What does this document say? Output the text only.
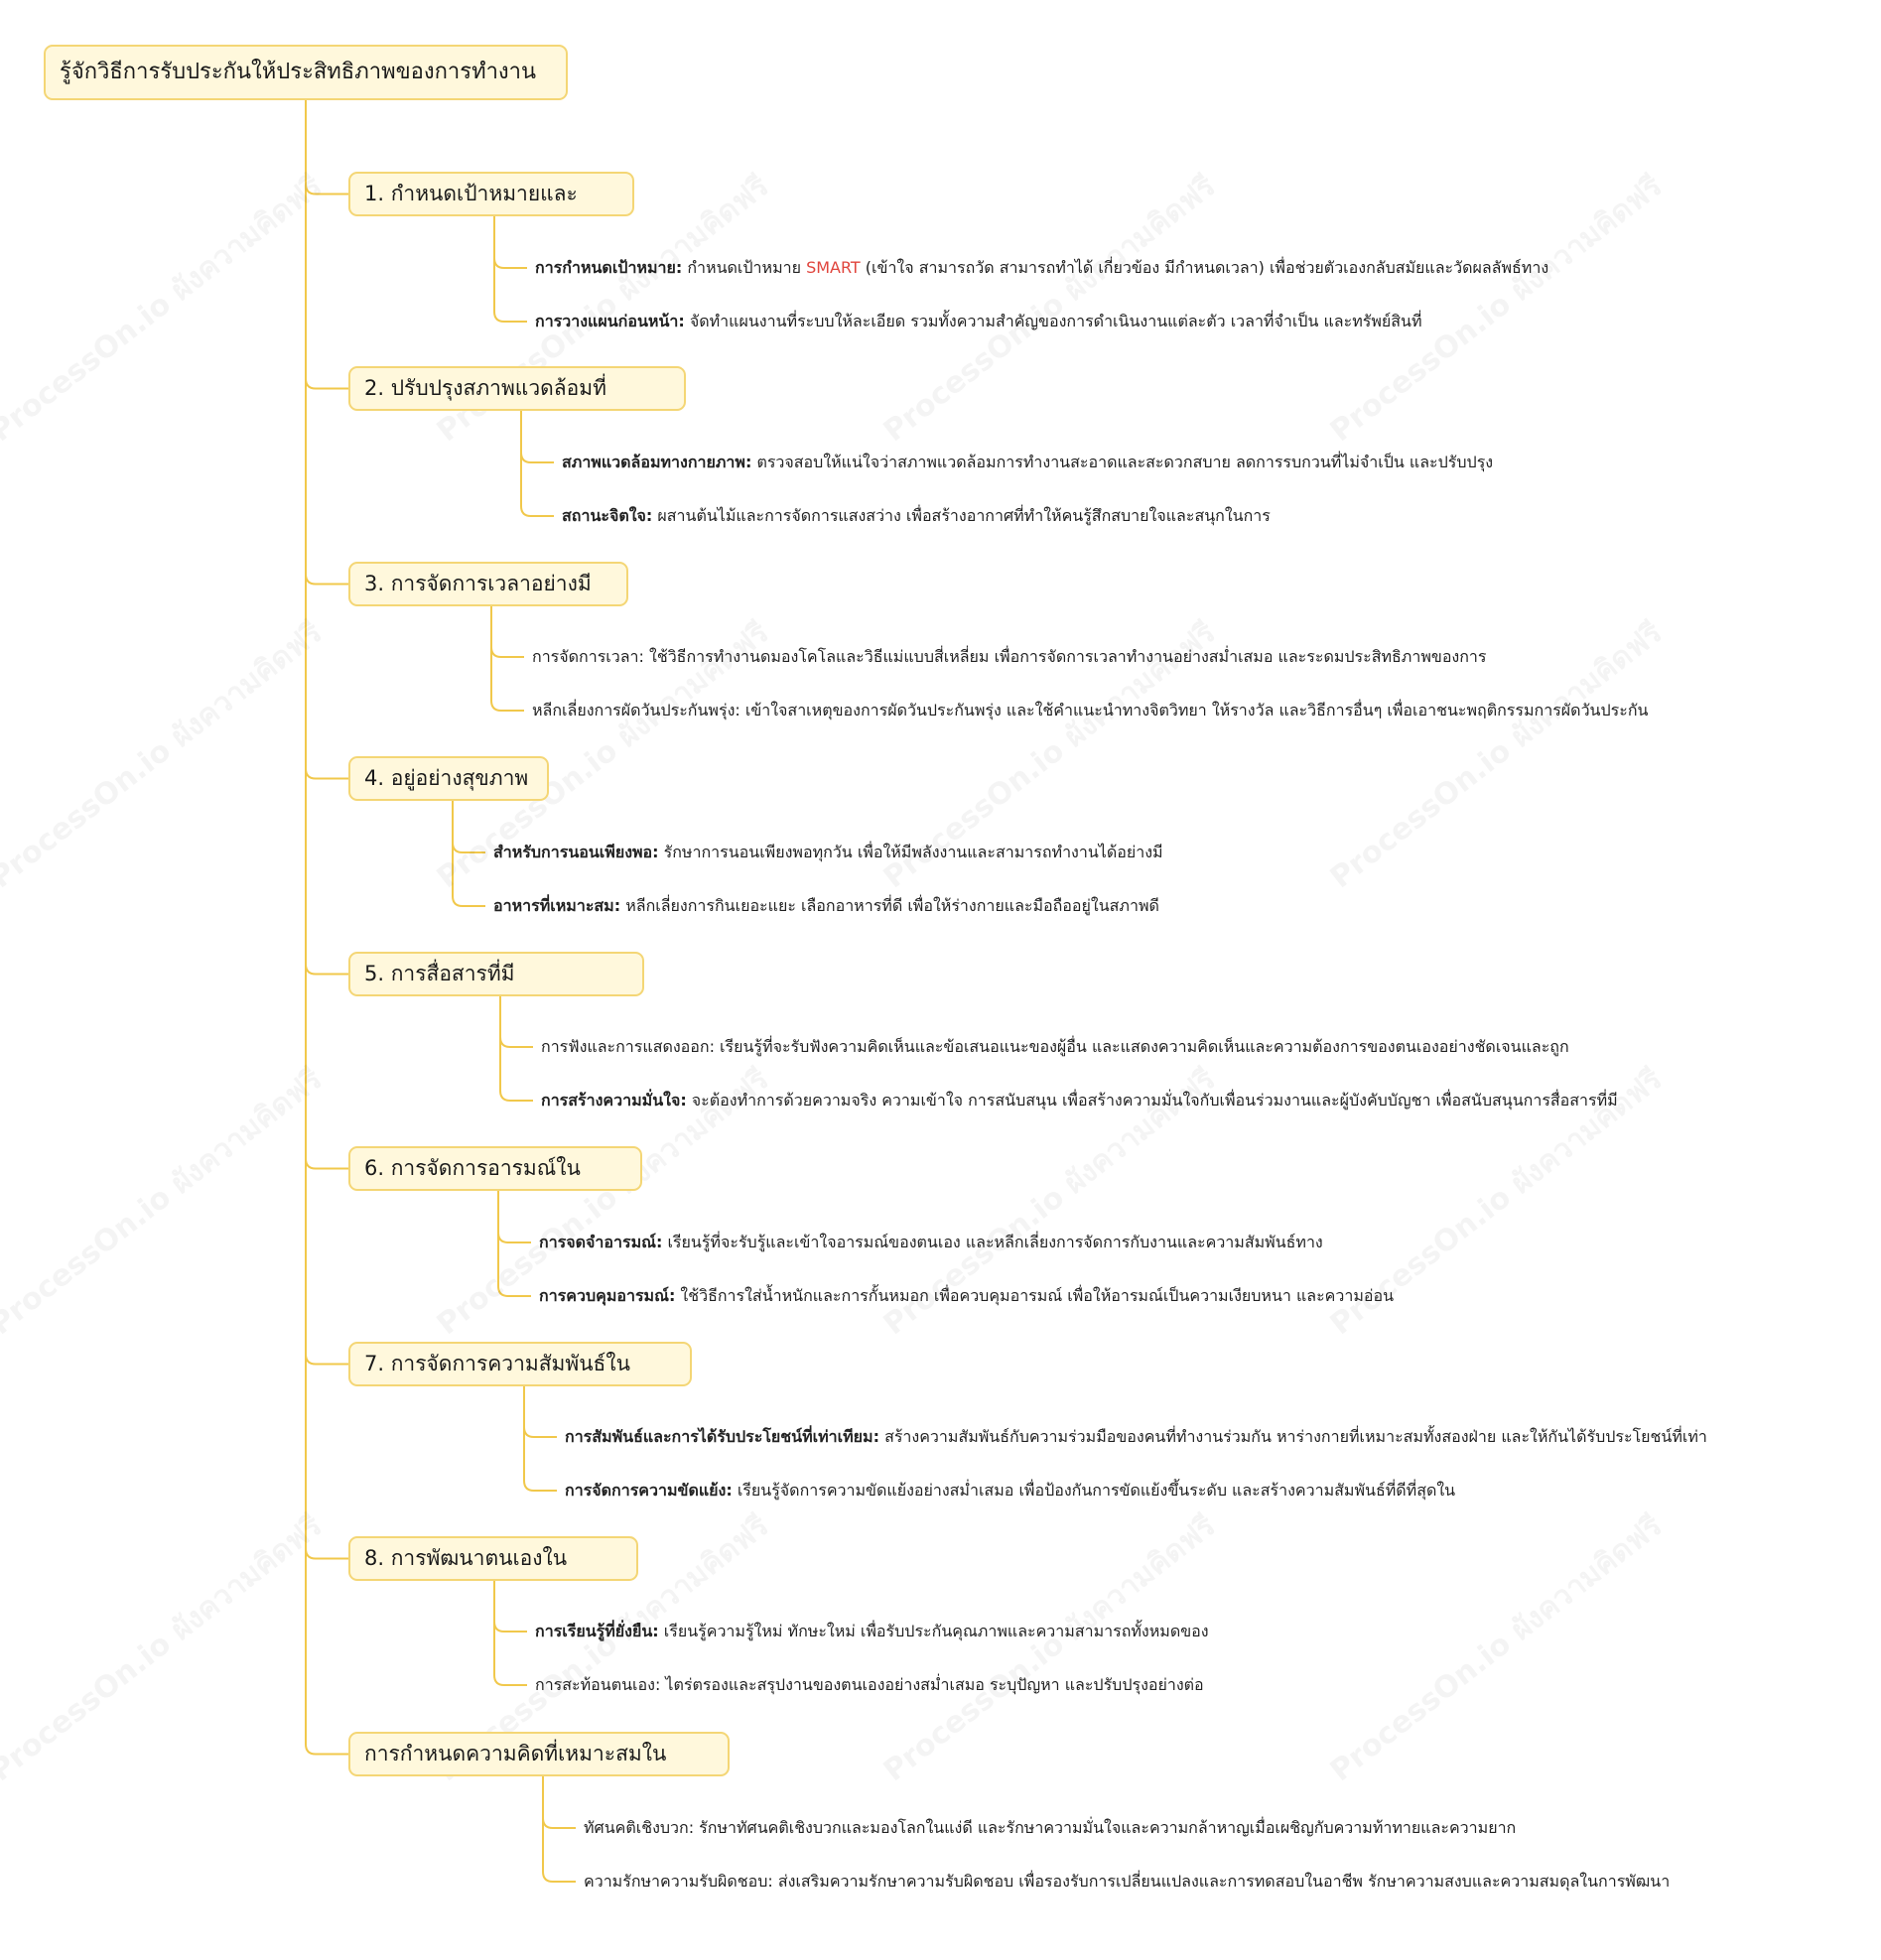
รู้จักวิธีการรับประกันให้ประสิทธิภาพของการทำงาน
1. กำหนดเป้าหมายและ
การกำหนดเป้าหมาย: กำหนดเป้าหมาย SMART (เข้าใจ สามารถวัด สามารถทำได้ เกี่ยวข้อง มีกำหนดเวลา) เพื่อช่วยตัวเองกลับสมัยและวัดผลลัพธ์ทาง
การวางแผนก่อนหน้า: จัดทำแผนงานที่ระบบให้ละเอียด รวมทั้งความสำคัญของการดำเนินงานแต่ละตัว เวลาที่จำเป็น และทรัพย์สินที่
2. ปรับปรุงสภาพแวดล้อมที่
สภาพแวดล้อมทางกายภาพ: ตรวจสอบให้แน่ใจว่าสภาพแวดล้อมการทำงานสะอาดและสะดวกสบาย ลดการรบกวนที่ไม่จำเป็น และปรับปรุง
สถานะจิตใจ: ผสานต้นไม้และการจัดการแสงสว่าง เพื่อสร้างอากาศที่ทำให้คนรู้สึกสบายใจและสนุกในการ
3. การจัดการเวลาอย่างมี
การจัดการเวลา: ใช้วิธีการทำงานดมองโคโลและวิธีแม่แบบสี่เหลี่ยม เพื่อการจัดการเวลาทำงานอย่างสม่ำเสมอ และระดมประสิทธิภาพของการ
หลีกเลี่ยงการผัดวันประกันพรุ่ง: เข้าใจสาเหตุของการผัดวันประกันพรุ่ง และใช้คำแนะนำทางจิตวิทยา ให้รางวัล และวิธีการอื่นๆ เพื่อเอาชนะพฤติกรรมการผัดวันประกัน
4. อยู่อย่างสุขภาพ
สำหรับการนอนเพียงพอ: รักษาการนอนเพียงพอทุกวัน เพื่อให้มีพลังงานและสามารถทำงานได้อย่างมี
อาหารที่เหมาะสม: หลีกเลี่ยงการกินเยอะแยะ เลือกอาหารที่ดี เพื่อให้ร่างกายและมือถืออยู่ในสภาพดี
5. การสื่อสารที่มี
การฟังและการแสดงออก: เรียนรู้ที่จะรับฟังความคิดเห็นและข้อเสนอแนะของผู้อื่น และแสดงความคิดเห็นและความต้องการของตนเองอย่างชัดเจนและถูก
การสร้างความมั่นใจ: จะต้องทำการด้วยความจริง ความเข้าใจ การสนับสนุน เพื่อสร้างความมั่นใจกับเพื่อนร่วมงานและผู้บังคับบัญชา เพื่อสนับสนุนการสื่อสารที่มี
6. การจัดการอารมณ์ใน
การจดจำอารมณ์: เรียนรู้ที่จะรับรู้และเข้าใจอารมณ์ของตนเอง และหลีกเลี่ยงการจัดการกับงานและความสัมพันธ์ทาง
การควบคุมอารมณ์: ใช้วิธีการใส่น้ำหนักและการกั้นหมอก เพื่อควบคุมอารมณ์ เพื่อให้อารมณ์เป็นความเงียบหนา และความอ่อน
7. การจัดการความสัมพันธ์ใน
การสัมพันธ์และการได้รับประโยชน์ที่เท่าเทียม: สร้างความสัมพันธ์กับความร่วมมือของคนที่ทำงานร่วมกัน หาร่างกายที่เหมาะสมทั้งสองฝ่าย และให้กันได้รับประโยชน์ที่เท่า
การจัดการความขัดแย้ง: เรียนรู้จัดการความขัดแย้งอย่างสม่ำเสมอ เพื่อป้องกันการขัดแย้งขึ้นระดับ และสร้างความสัมพันธ์ที่ดีที่สุดใน
8. การพัฒนาตนเองใน
การเรียนรู้ที่ยั่งยืน: เรียนรู้ความรู้ใหม่ ทักษะใหม่ เพื่อรับประกันคุณภาพและความสามารถทั้งหมดของ
การสะท้อนตนเอง: ไตร่ตรองและสรุปงานของตนเองอย่างสม่ำเสมอ ระบุปัญหา และปรับปรุงอย่างต่อ
การกำหนดความคิดที่เหมาะสมใน
ทัศนคติเชิงบวก: รักษาทัศนคติเชิงบวกและมองโลกในแง่ดี และรักษาความมั่นใจและความกล้าหาญเมื่อเผชิญกับความท้าทายและความยาก
ความรักษาความรับผิดชอบ: ส่งเสริมความรักษาความรับผิดชอบ เพื่อรองรับการเปลี่ยนแปลงและการทดสอบในอาชีพ รักษาความสงบและความสมดุลในการพัฒนา
